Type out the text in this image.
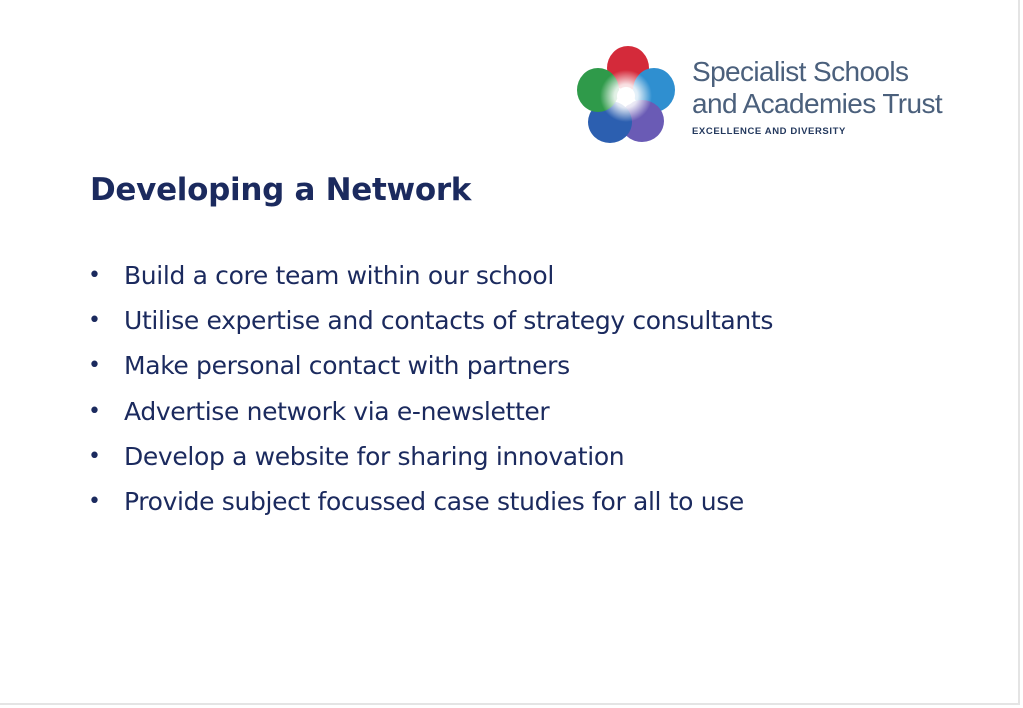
Specialist Schools
and Academies Trust
EXCELLENCE AND DIVERSITY
Developing a Network
• Build a core team within our school
• Utilise expertise and contacts of strategy consultants
• Make personal contact with partners
• Advertise network via e-newsletter
• Develop a website for sharing innovation
• Provide subject focussed case studies for all to use
